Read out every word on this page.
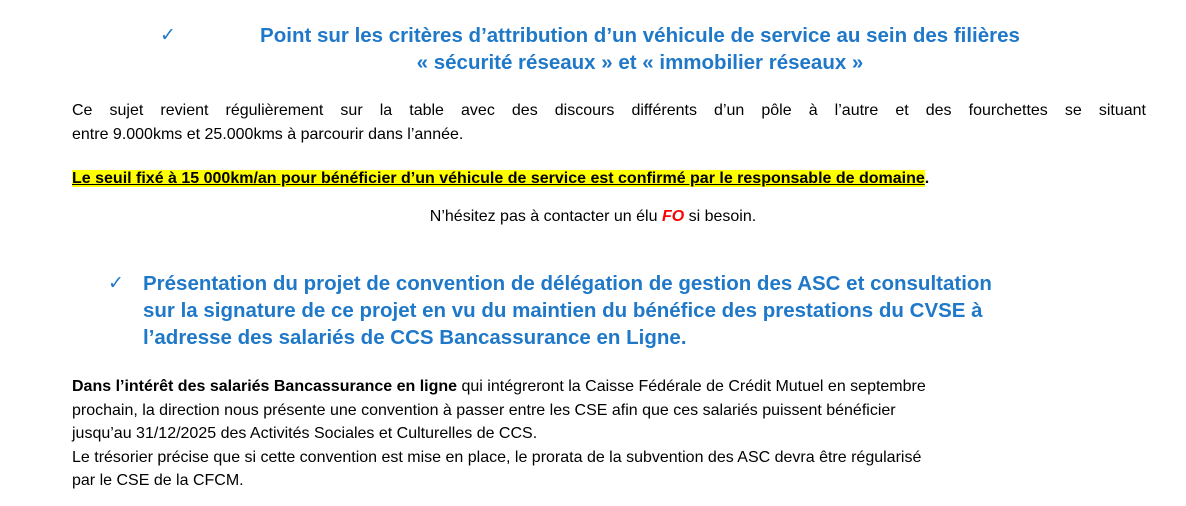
✓	Point sur les critères d’attribution d’un véhicule de service au sein des filières
« sécurité réseaux » et « immobilier réseaux »
Ce sujet revient régulièrement sur la table avec des discours différents d’un pôle à l’autre et des fourchettes se situant
entre 9.000kms et 25.000kms à parcourir dans l’année.
Le seuil fixé à 15 000km/an pour bénéficier d’un véhicule de service est confirmé par le responsable de domaine.
N’hésitez pas à contacter un élu FO si besoin.
✓ Présentation du projet de convention de délégation de gestion des ASC et consultation
sur la signature de ce projet en vu du maintien du bénéfice des prestations du CVSE à
l’adresse des salariés de CCS Bancassurance en Ligne.
Dans l’intérêt des salariés Bancassurance en ligne qui intégreront la Caisse Fédérale de Crédit Mutuel en septembre
prochain, la direction nous présente une convention à passer entre les CSE afin que ces salariés puissent bénéficier
jusqu’au 31/12/2025 des Activités Sociales et Culturelles de CCS.
Le trésorier précise que si cette convention est mise en place, le prorata de la subvention des ASC devra être régularisé
par le CSE de la CFCM.
